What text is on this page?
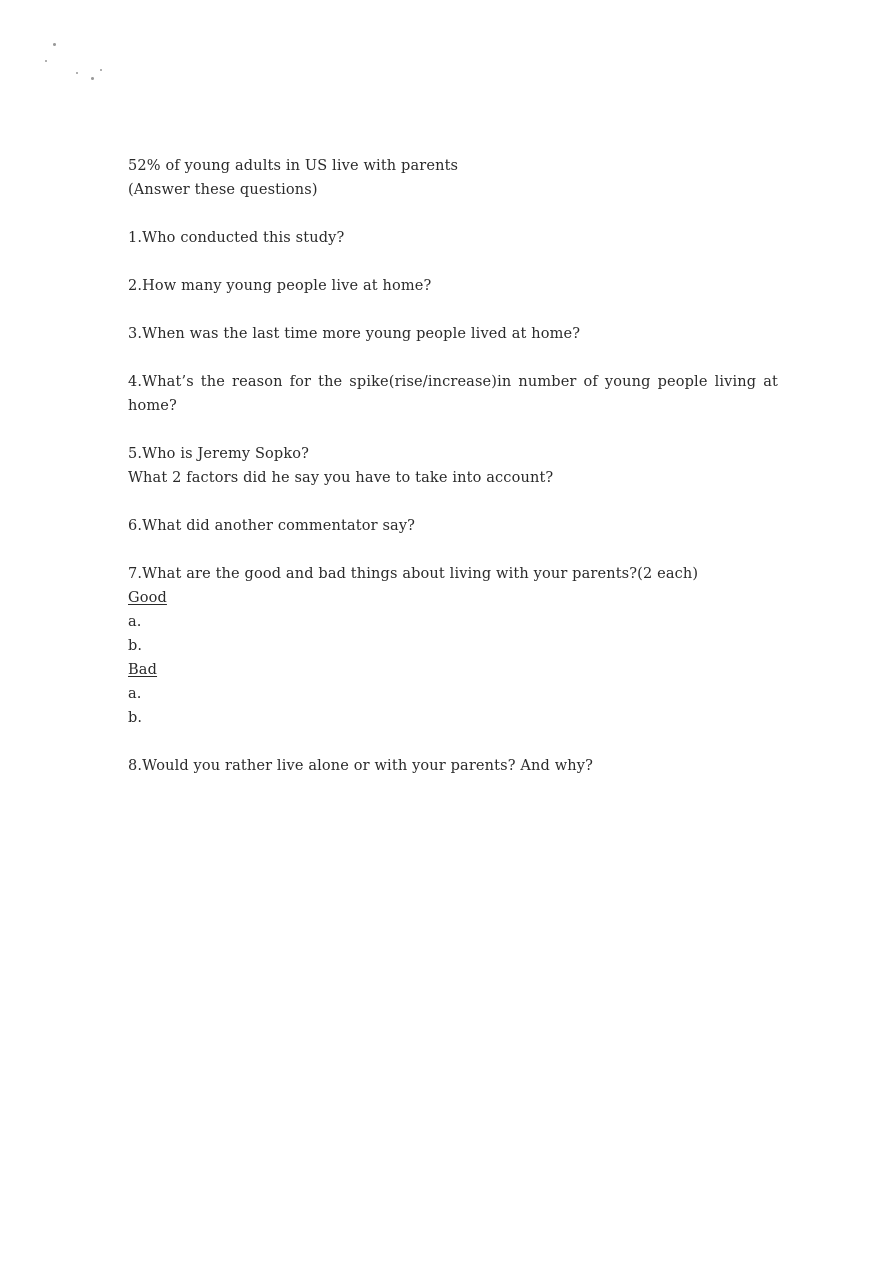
52% of young adults in US live with parents

(Answer these questions)

1.Who conducted this study?

2.How many young people live at home?

3.When was the last time more young people lived at home?

4.What’s the reason for the spike(rise/increase)in number of young people living at home?

5.Who is Jeremy Sopko?

What 2 factors did he say you have to take into account?

6.What did another commentator say?

7.What are the good and bad things about living with your parents?(2 each)

Good

a.

b.

Bad

a.

b.

8.Would you rather live alone or with your parents? And why?
